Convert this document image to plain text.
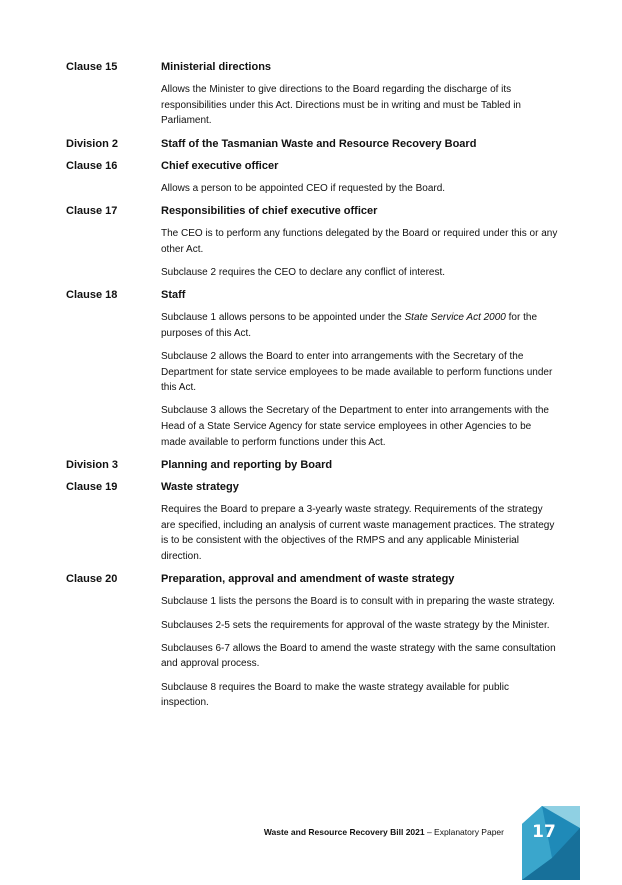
Clause 15	Ministerial directions
Allows the Minister to give directions to the Board regarding the discharge of its responsibilities under this Act. Directions must be in writing and must be Tabled in Parliament.
Division 2	Staff of the Tasmanian Waste and Resource Recovery Board
Clause 16	Chief executive officer
Allows a person to be appointed CEO if requested by the Board.
Clause 17	Responsibilities of chief executive officer
The CEO is to perform any functions delegated by the Board or required under this or any other Act.
Subclause 2 requires the CEO to declare any conflict of interest.
Clause 18	Staff
Subclause 1 allows persons to be appointed under the State Service Act 2000 for the purposes of this Act.
Subclause 2 allows the Board to enter into arrangements with the Secretary of the Department for state service employees to be made available to perform functions under this Act.
Subclause 3 allows the Secretary of the Department to enter into arrangements with the Head of a State Service Agency for state service employees in other Agencies to be made available to perform functions under this Act.
Division 3	Planning and reporting by Board
Clause 19	Waste strategy
Requires the Board to prepare a 3-yearly waste strategy. Requirements of the strategy are specified, including an analysis of current waste management practices. The strategy is to be consistent with the objectives of the RMPS and any applicable Ministerial direction.
Clause 20	Preparation, approval and amendment of waste strategy
Subclause 1 lists the persons the Board is to consult with in preparing the waste strategy.
Subclauses 2-5 sets the requirements for approval of the waste strategy by the Minister.
Subclauses 6-7 allows the Board to amend the waste strategy with the same consultation and approval process.
Subclause 8 requires the Board to make the waste strategy available for public inspection.
Waste and Resource Recovery Bill 2021 – Explanatory Paper	17
